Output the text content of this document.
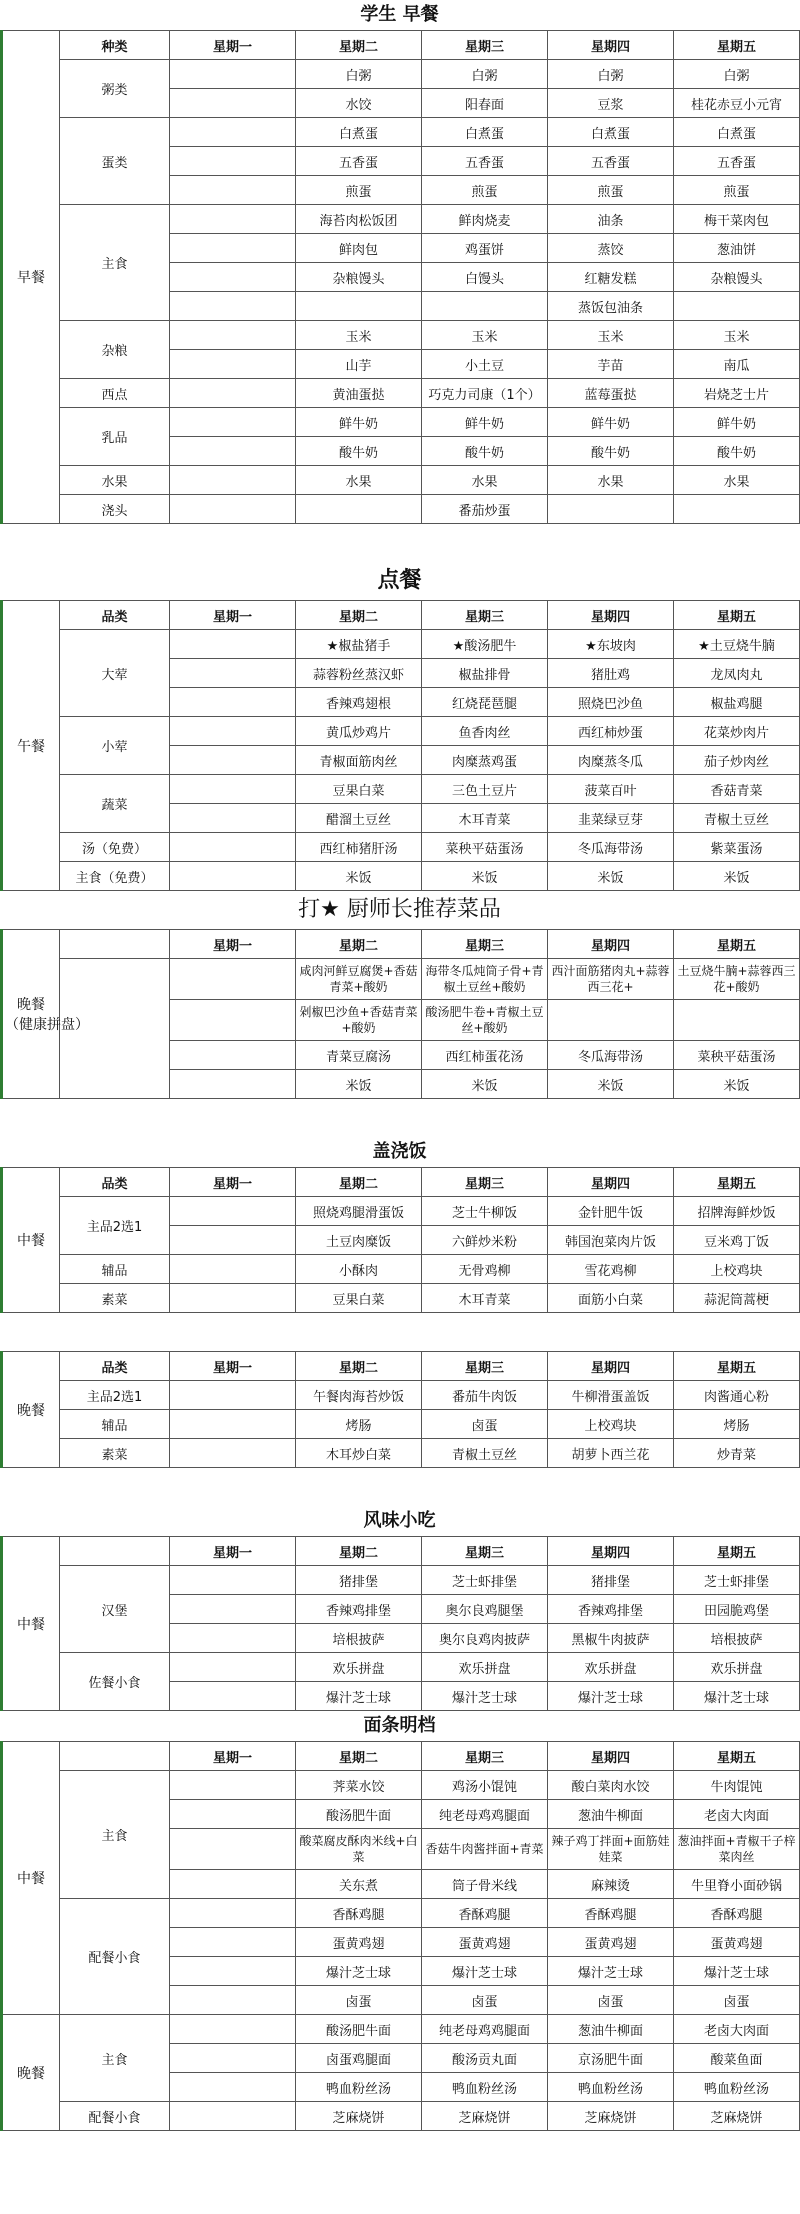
学生 早餐
早餐	种类	星期一	星期二	星期三	星期四	星期五
	粥类		白粥	白粥	白粥	白粥
			水饺	阳春面	豆浆	桂花赤豆小元宵
	蛋类		白煮蛋	白煮蛋	白煮蛋	白煮蛋
			五香蛋	五香蛋	五香蛋	五香蛋
			煎蛋	煎蛋	煎蛋	煎蛋
	主食		海苔肉松饭团	鲜肉烧麦	油条	梅干菜肉包
			鲜肉包	鸡蛋饼	蒸饺	葱油饼
			杂粮馒头	白馒头	红糖发糕	杂粮馒头
					蒸饭包油条	
	杂粮		玉米	玉米	玉米	玉米
			山芋	小土豆	芋苗	南瓜
	西点		黄油蛋挞	巧克力司康（1个）	蓝莓蛋挞	岩烧芝士片
	乳品		鲜牛奶	鲜牛奶	鲜牛奶	鲜牛奶
			酸牛奶	酸牛奶	酸牛奶	酸牛奶
	水果		水果	水果	水果	水果
	浇头			番茄炒蛋		
点餐
午餐	品类	星期一	星期二	星期三	星期四	星期五
	大荤		★椒盐猪手	★酸汤肥牛	★东坡肉	★土豆烧牛腩
			蒜蓉粉丝蒸汉虾	椒盐排骨	猪肚鸡	龙凤肉丸
			香辣鸡翅根	红烧琵琶腿	照烧巴沙鱼	椒盐鸡腿
	小荤		黄瓜炒鸡片	鱼香肉丝	西红柿炒蛋	花菜炒肉片
			青椒面筋肉丝	肉糜蒸鸡蛋	肉糜蒸冬瓜	茄子炒肉丝
	蔬菜		豆果白菜	三色土豆片	菠菜百叶	香菇青菜
			醋溜土豆丝	木耳青菜	韭菜绿豆芽	青椒土豆丝
	汤（免费）		西红柿猪肝汤	菜秧平菇蛋汤	冬瓜海带汤	紫菜蛋汤
	主食（免费）		米饭	米饭	米饭	米饭
打★ 厨师长推荐菜品
晚餐
（健康拼盘）		星期一	星期二	星期三	星期四	星期五
			咸肉河鲜豆腐煲+香菇青菜+酸奶	海带冬瓜炖筒子骨+青椒土豆丝+酸奶	西汁面筋猪肉丸+蒜蓉西三花+	土豆烧牛腩+蒜蓉西三花+酸奶
			剁椒巴沙鱼+香菇青菜+酸奶	酸汤肥牛卷+青椒土豆丝+酸奶		
			青菜豆腐汤	西红柿蛋花汤	冬瓜海带汤	菜秧平菇蛋汤
			米饭	米饭	米饭	米饭
盖浇饭
中餐	品类	星期一	星期二	星期三	星期四	星期五
	主品2选1		照烧鸡腿滑蛋饭	芝士牛柳饭	金针肥牛饭	招牌海鲜炒饭
			土豆肉糜饭	六鲜炒米粉	韩国泡菜肉片饭	豆米鸡丁饭
	辅品		小酥肉	无骨鸡柳	雪花鸡柳	上校鸡块
	素菜		豆果白菜	木耳青菜	面筋小白菜	蒜泥筒蒿梗
晚餐	品类	星期一	星期二	星期三	星期四	星期五
	主品2选1		午餐肉海苔炒饭	番茄牛肉饭	牛柳滑蛋盖饭	肉酱通心粉
	辅品		烤肠	卤蛋	上校鸡块	烤肠
	素菜		木耳炒白菜	青椒土豆丝	胡萝卜西兰花	炒青菜
风味小吃
中餐		星期一	星期二	星期三	星期四	星期五
	汉堡		猪排堡	芝士虾排堡	猪排堡	芝士虾排堡
			香辣鸡排堡	奥尔良鸡腿堡	香辣鸡排堡	田园脆鸡堡
			培根披萨	奥尔良鸡肉披萨	黑椒牛肉披萨	培根披萨
	佐餐小食		欢乐拼盘	欢乐拼盘	欢乐拼盘	欢乐拼盘
			爆汁芝士球	爆汁芝士球	爆汁芝士球	爆汁芝士球
面条明档
中餐		星期一	星期二	星期三	星期四	星期五
	主食		荠菜水饺	鸡汤小馄饨	酸白菜肉水饺	牛肉馄饨
			酸汤肥牛面	纯老母鸡鸡腿面	葱油牛柳面	老卤大肉面
			酸菜腐皮酥肉米线+白菜	香菇牛肉酱拌面+青菜	辣子鸡丁拌面+面筋娃娃菜	葱油拌面+青椒干子梓菜肉丝
			关东煮	筒子骨米线	麻辣烫	牛里脊小面砂锅
	配餐小食		香酥鸡腿	香酥鸡腿	香酥鸡腿	香酥鸡腿
			蛋黄鸡翅	蛋黄鸡翅	蛋黄鸡翅	蛋黄鸡翅
			爆汁芝士球	爆汁芝士球	爆汁芝士球	爆汁芝士球
			卤蛋	卤蛋	卤蛋	卤蛋
晚餐	主食		酸汤肥牛面	纯老母鸡鸡腿面	葱油牛柳面	老卤大肉面
			卤蛋鸡腿面	酸汤贡丸面	京汤肥牛面	酸菜鱼面
			鸭血粉丝汤	鸭血粉丝汤	鸭血粉丝汤	鸭血粉丝汤
	配餐小食		芝麻烧饼	芝麻烧饼	芝麻烧饼	芝麻烧饼
